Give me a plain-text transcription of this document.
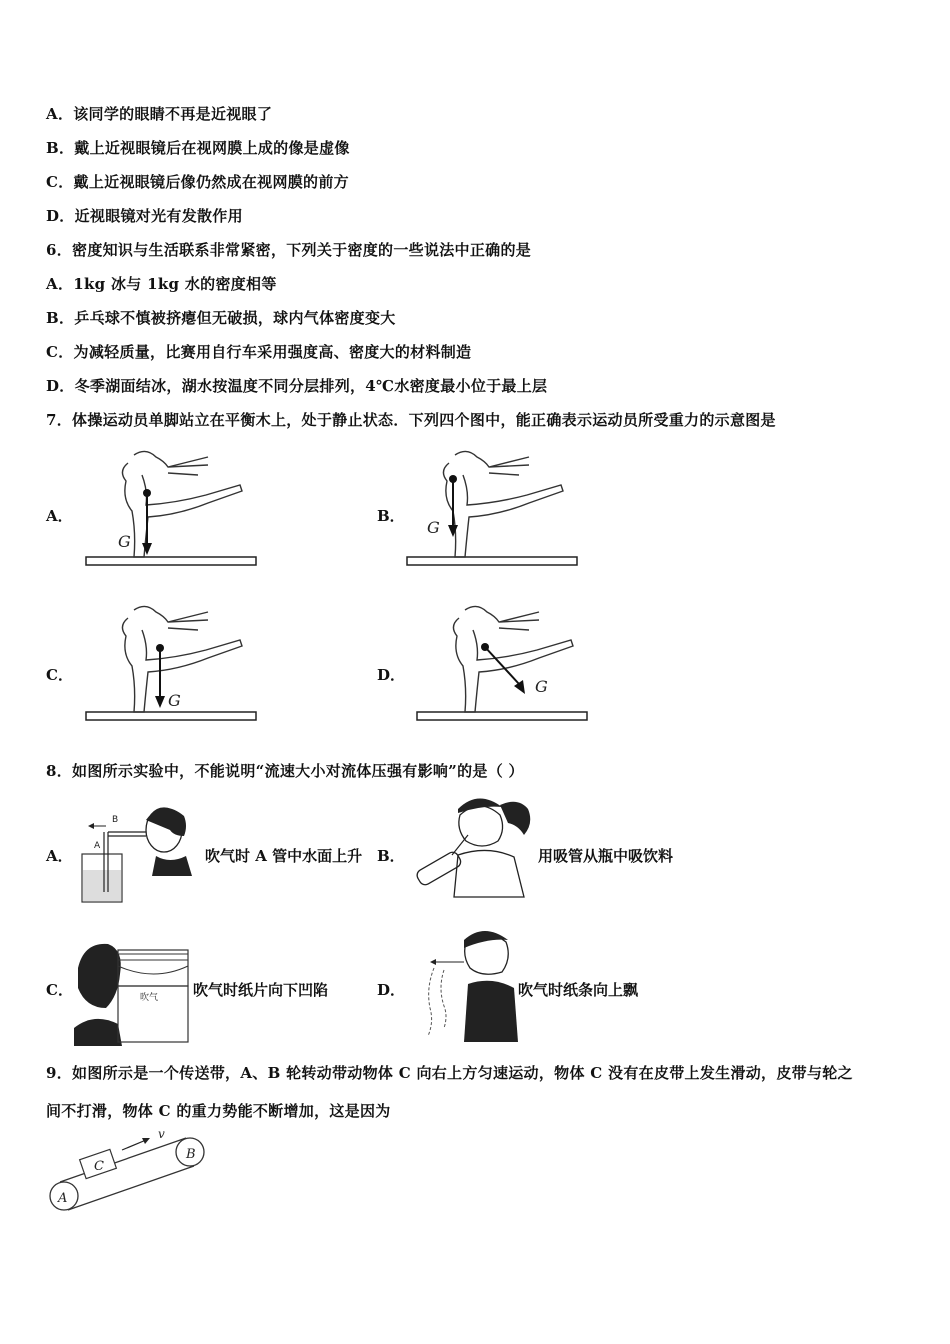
A．该同学的眼睛不再是近视眼了
B．戴上近视眼镜后在视网膜上成的像是虚像
C．戴上近视眼镜后像仍然成在视网膜的前方
D．近视眼镜对光有发散作用
6．密度知识与生活联系非常紧密，下列关于密度的一些说法中正确的是
A．1kg 冰与 1kg 水的密度相等
B．乒乓球不慎被挤瘪但无破损，球内气体密度变大
C．为减轻质量，比赛用自行车采用强度高、密度大的材料制造
D．冬季湖面结冰，湖水按温度不同分层排列，4℃水密度最小位于最上层
7．体操运动员单脚站立在平衡木上，处于静止状态．下列四个图中，能正确表示运动员所受重力的示意图是
A．	B．
C．	D．
G
G
G
G
8．如图所示实验中，不能说明“流速大小对流体压强有影响”的是（ ）
A．
B
A
吹气时 A 管中水面上升 B．	用吸管从瓶中吸饮料
C．	吹气 吹气时纸片向下凹陷	D．	吹气时纸条向上飘
9．如图所示是一个传送带，A、B 轮转动带动物体 C 向右上方匀速运动，物体 C 没有在皮带上发生滑动，皮带与轮之
间不打滑，物体 C 的重力势能不断增加，这是因为
C
v
A
B
